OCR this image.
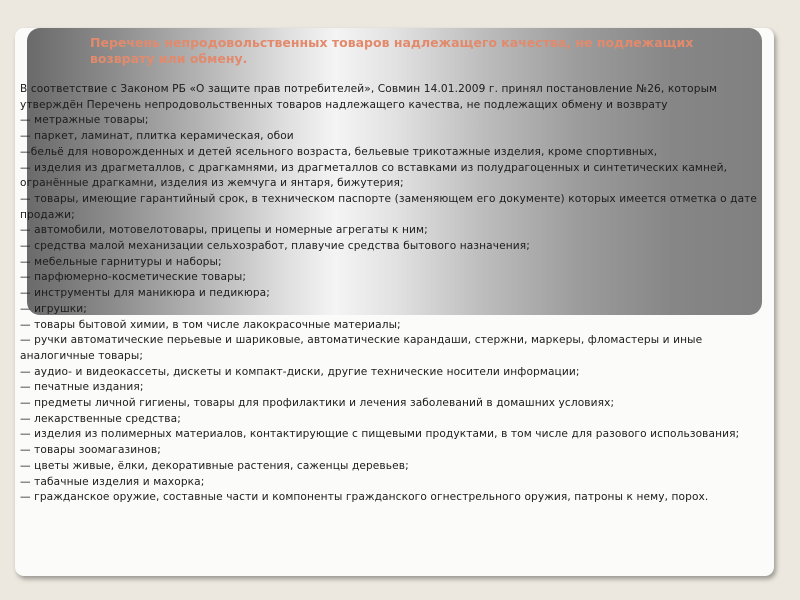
Перечень непродовольственных товаров надлежащего качества, не подлежащих возврату или обмену.

В соответствие с Законом РБ «О защите прав потребителей», Совмин 14.01.2009 г. принял постановление №26, которым утверждён Перечень непродовольственных товаров надлежащего качества, не подлежащих обмену и возврату

— метражные товары;

— паркет, ламинат, плитка керамическая, обои

—бельё для новорожденных и детей ясельного возраста, бельевые трикотажные изделия, кроме спортивных,

— изделия из драгметаллов, с драгкамнями, из драгметаллов со вставками из полудрагоценных и синтетических камней, огранённые драгкамни, изделия из жемчуга и янтаря, бижутерия;

— товары, имеющие гарантийный срок, в техническом паспорте (заменяющем его документе) которых имеется отметка о дате продажи;

— автомобили, мотовелотовары, прицепы и номерные агрегаты к ним;

— средства малой механизации сельхозработ, плавучие средства бытового назначения;

— мебельные гарнитуры и наборы;

— парфюмерно-косметические товары;

— инструменты для маникюра и педикюра;

— игрушки;

— товары бытовой химии, в том числе лакокрасочные материалы;

— ручки автоматические перьевые и шариковые, автоматические карандаши, стержни, маркеры, фломастеры и иные аналогичные товары;

— аудио- и видеокассеты, дискеты и компакт-диски, другие технические носители информации;

— печатные издания;

— предметы личной гигиены, товары для профилактики и лечения заболеваний в домашних условиях;

— лекарственные средства;

— изделия из полимерных материалов, контактирующие с пищевыми продуктами, в том числе для разового использования;

— товары зоомагазинов;

— цветы живые, ёлки, декоративные растения, саженцы деревьев;

— табачные изделия и махорка;

— гражданское оружие, составные части и компоненты гражданского огнестрельного оружия, патроны к нему, порох.
